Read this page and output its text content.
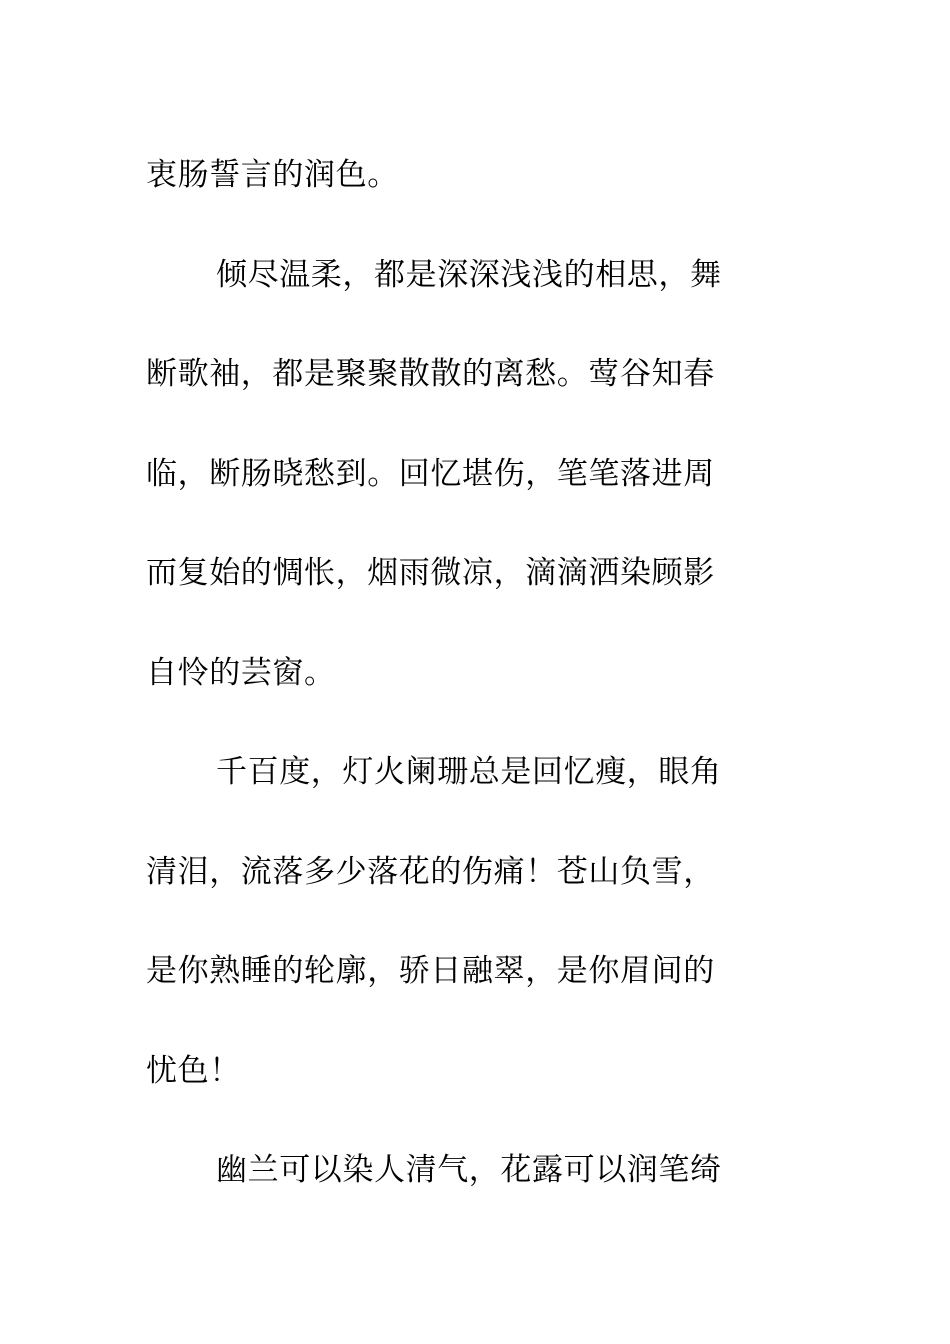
衷肠誓言的润色。
倾尽温柔，都是深深浅浅的相思，舞
断歌袖，都是聚聚散散的离愁。莺谷知春
临，断肠晓愁到。回忆堪伤，笔笔落进周
而复始的惆怅，烟雨微凉，滴滴洒染顾影
自怜的芸窗。
千百度，灯火阑珊总是回忆瘦，眼角
清泪，流落多少落花的伤痛！苍山负雪，
是你熟睡的轮廓，骄日融翠，是你眉间的
忧色！
幽兰可以染人清气，花露可以润笔绮
